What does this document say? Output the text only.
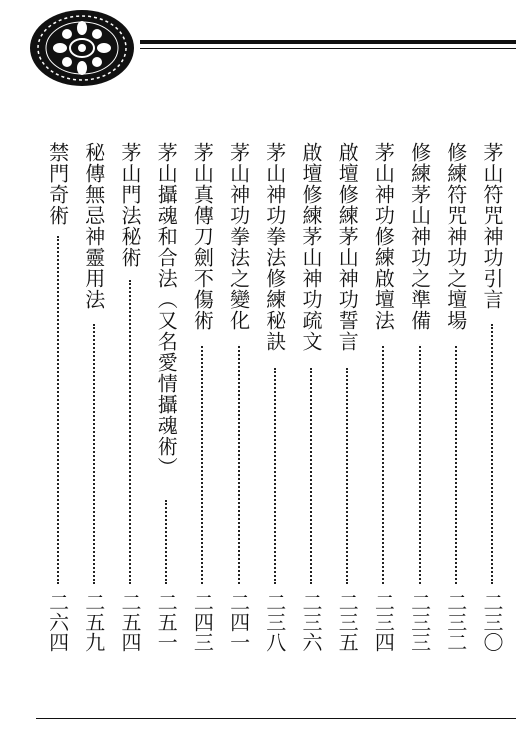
茅山符咒神功引言
二三〇
修練符咒神功之壇場
二三二
修練茅山神功之準備
二三三
茅山神功修練啟壇法
二三四
啟壇修練茅山神功誓言
二三五
啟壇修練茅山神功疏文
二三六
茅山神功拳法修練秘訣
二三八
茅山神功拳法之變化
二四一
茅山真傳刀劍不傷術
二四三
茅山攝魂和合法（又名愛情攝魂術）
二五一
茅山門法秘術
二五四
秘傳無忌神靈用法
二五九
禁門奇術
二六四
